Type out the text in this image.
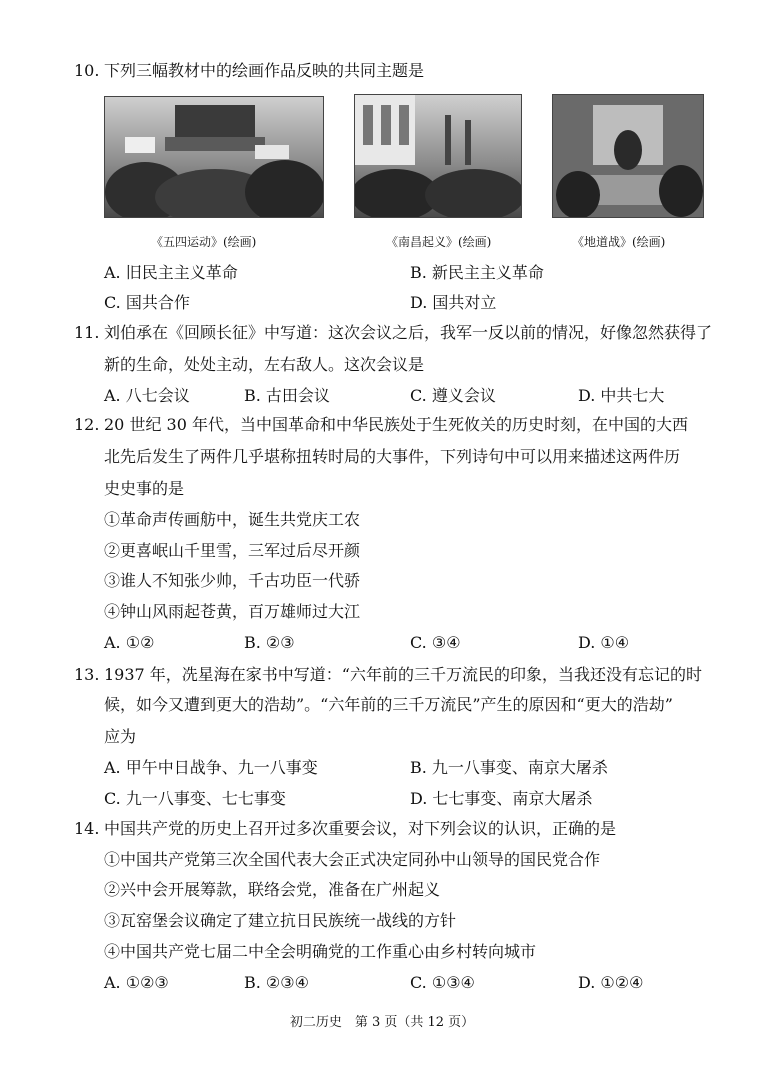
10. 下列三幅教材中的绘画作品反映的共同主题是
《五四运动》(绘画)	《南昌起义》(绘画)	《地道战》(绘画)
A. 旧民主主义革命	B. 新民主主义革命
C. 国共合作	D. 国共对立
11. 刘伯承在《回顾长征》中写道：这次会议之后，我军一反以前的情况，好像忽然获得了
新的生命，处处主动，左右敌人。这次会议是
A. 八七会议	B. 古田会议	C. 遵义会议	D. 中共七大
12. 20 世纪 30 年代，当中国革命和中华民族处于生死攸关的历史时刻，在中国的大西
北先后发生了两件几乎堪称扭转时局的大事件，下列诗句中可以用来描述这两件历
史史事的是
①革命声传画舫中，诞生共党庆工农
②更喜岷山千里雪，三军过后尽开颜
③谁人不知张少帅，千古功臣一代骄
④钟山风雨起苍黄，百万雄师过大江
A. ①②	B. ②③	C. ③④	D. ①④
13. 1937 年，冼星海在家书中写道：“六年前的三千万流民的印象，当我还没有忘记的时
候，如今又遭到更大的浩劫”。“六年前的三千万流民”产生的原因和“更大的浩劫”
应为
A. 甲午中日战争、九一八事变	B. 九一八事变、南京大屠杀
C. 九一八事变、七七事变	D. 七七事变、南京大屠杀
14. 中国共产党的历史上召开过多次重要会议，对下列会议的认识，正确的是
①中国共产党第三次全国代表大会正式决定同孙中山领导的国民党合作
②兴中会开展筹款，联络会党，准备在广州起义
③瓦窑堡会议确定了建立抗日民族统一战线的方针
④中国共产党七届二中全会明确党的工作重心由乡村转向城市
A. ①②③	B. ②③④	C. ①③④	D. ①②④
初二历史　第 3 页（共 12 页）
